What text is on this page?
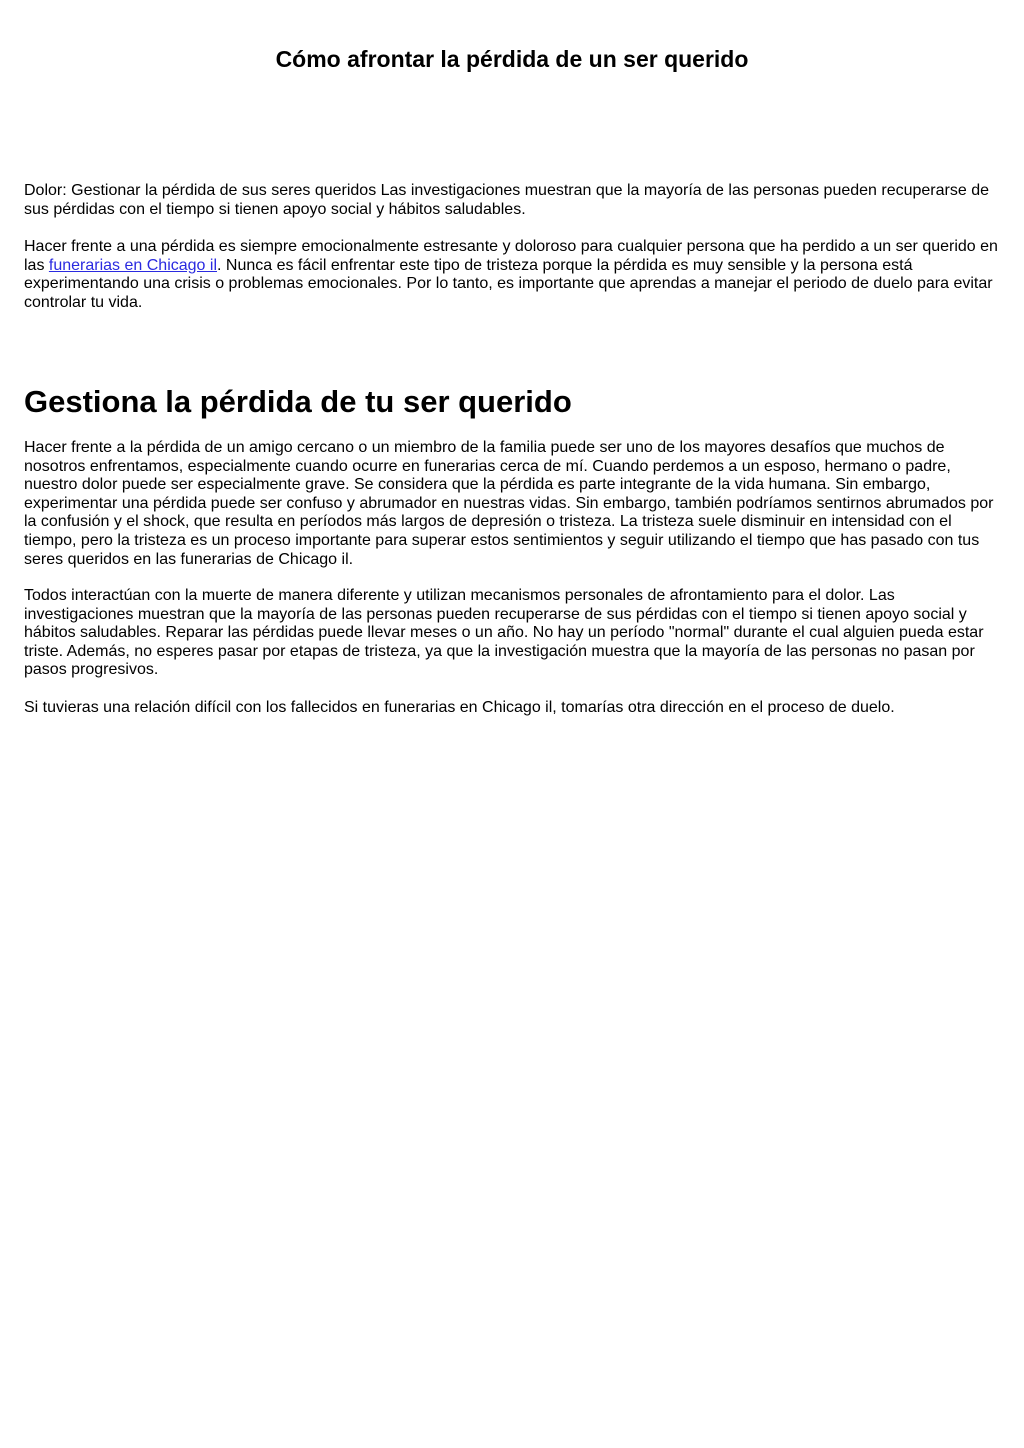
Cómo afrontar la pérdida de un ser querido

Dolor: Gestionar la pérdida de sus seres queridos Las investigaciones muestran que la mayoría de las personas pueden recuperarse de sus pérdidas con el tiempo si tienen apoyo social y hábitos saludables.

Hacer frente a una pérdida es siempre emocionalmente estresante y doloroso para cualquier persona que ha perdido a un ser querido en las funerarias en Chicago il. Nunca es fácil enfrentar este tipo de tristeza porque la pérdida es muy sensible y la persona está experimentando una crisis o problemas emocionales. Por lo tanto, es importante que aprendas a manejar el periodo de duelo para evitar controlar tu vida.

Gestiona la pérdida de tu ser querido

Hacer frente a la pérdida de un amigo cercano o un miembro de la familia puede ser uno de los mayores desafíos que muchos de nosotros enfrentamos, especialmente cuando ocurre en funerarias cerca de mí. Cuando perdemos a un esposo, hermano o padre, nuestro dolor puede ser especialmente grave. Se considera que la pérdida es parte integrante de la vida humana. Sin embargo, experimentar una pérdida puede ser confuso y abrumador en nuestras vidas. Sin embargo, también podríamos sentirnos abrumados por la confusión y el shock, que resulta en períodos más largos de depresión o tristeza. La tristeza suele disminuir en intensidad con el tiempo, pero la tristeza es un proceso importante para superar estos sentimientos y seguir utilizando el tiempo que has pasado con tus seres queridos en las funerarias de Chicago il.

Todos interactúan con la muerte de manera diferente y utilizan mecanismos personales de afrontamiento para el dolor. Las investigaciones muestran que la mayoría de las personas pueden recuperarse de sus pérdidas con el tiempo si tienen apoyo social y hábitos saludables. Reparar las pérdidas puede llevar meses o un año. No hay un período "normal" durante el cual alguien pueda estar triste. Además, no esperes pasar por etapas de tristeza, ya que la investigación muestra que la mayoría de las personas no pasan por pasos progresivos.

Si tuvieras una relación difícil con los fallecidos en funerarias en Chicago il, tomarías otra dirección en el proceso de duelo.
